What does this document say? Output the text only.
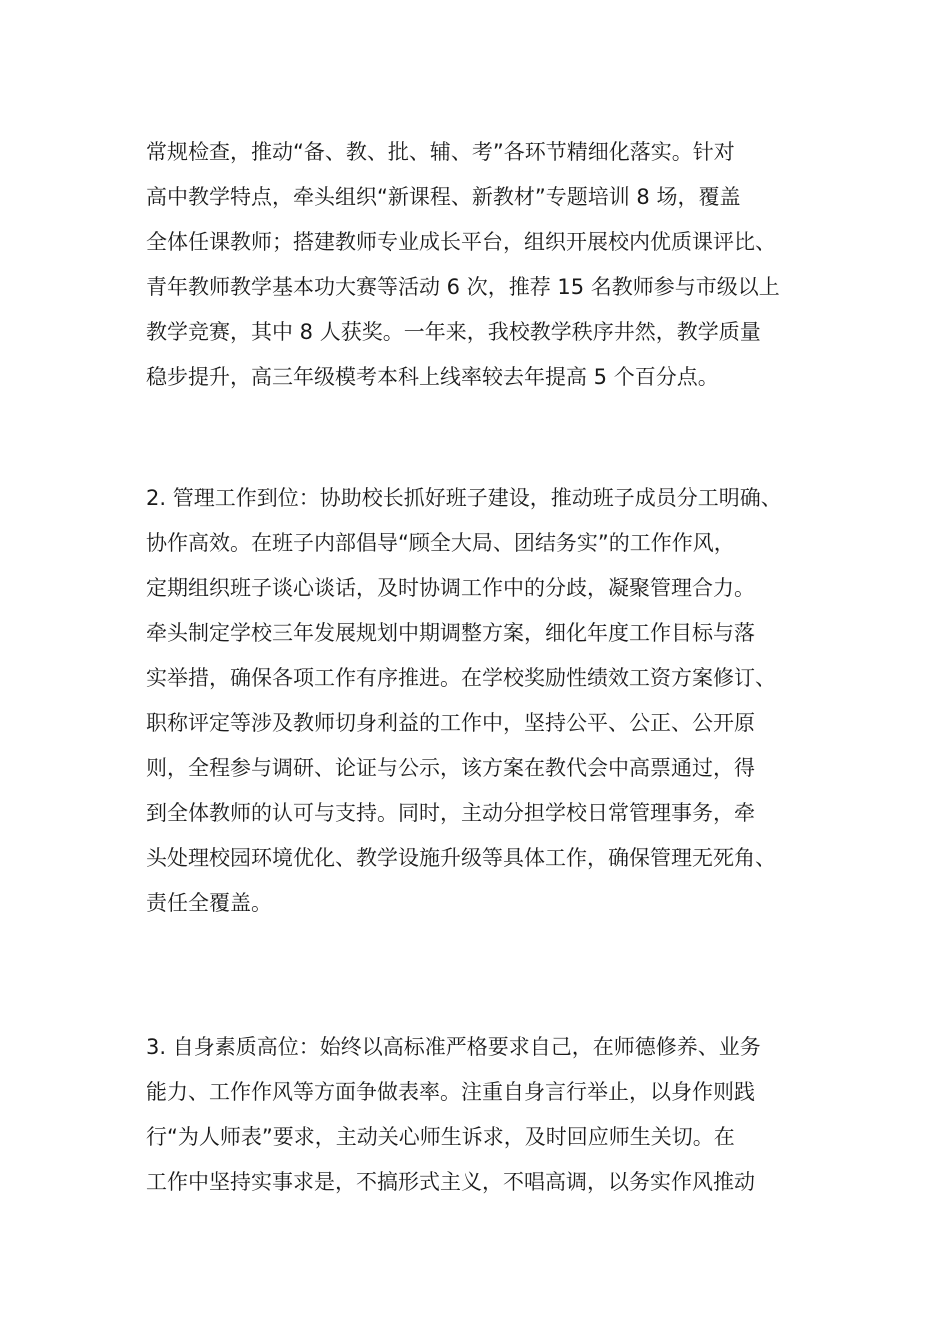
常规检查，推动“备、教、批、辅、考”各环节精细化落实。针对
高中教学特点，牵头组织“新课程、新教材”专题培训 8 场，覆盖
全体任课教师；搭建教师专业成长平台，组织开展校内优质课评比、
青年教师教学基本功大赛等活动 6 次，推荐 15 名教师参与市级以上
教学竞赛，其中 8 人获奖。一年来，我校教学秩序井然，教学质量
稳步提升，高三年级模考本科上线率较去年提高 5 个百分点。
2. 管理工作到位：协助校长抓好班子建设，推动班子成员分工明确、
协作高效。在班子内部倡导“顾全大局、团结务实”的工作作风，
定期组织班子谈心谈话，及时协调工作中的分歧，凝聚管理合力。
牵头制定学校三年发展规划中期调整方案，细化年度工作目标与落
实举措，确保各项工作有序推进。在学校奖励性绩效工资方案修订、
职称评定等涉及教师切身利益的工作中，坚持公平、公正、公开原
则，全程参与调研、论证与公示，该方案在教代会中高票通过，得
到全体教师的认可与支持。同时，主动分担学校日常管理事务，牵
头处理校园环境优化、教学设施升级等具体工作，确保管理无死角、
责任全覆盖。
3. 自身素质高位：始终以高标准严格要求自己，在师德修养、业务
能力、工作作风等方面争做表率。注重自身言行举止，以身作则践
行“为人师表”要求，主动关心师生诉求，及时回应师生关切。在
工作中坚持实事求是，不搞形式主义，不唱高调，以务实作风推动
